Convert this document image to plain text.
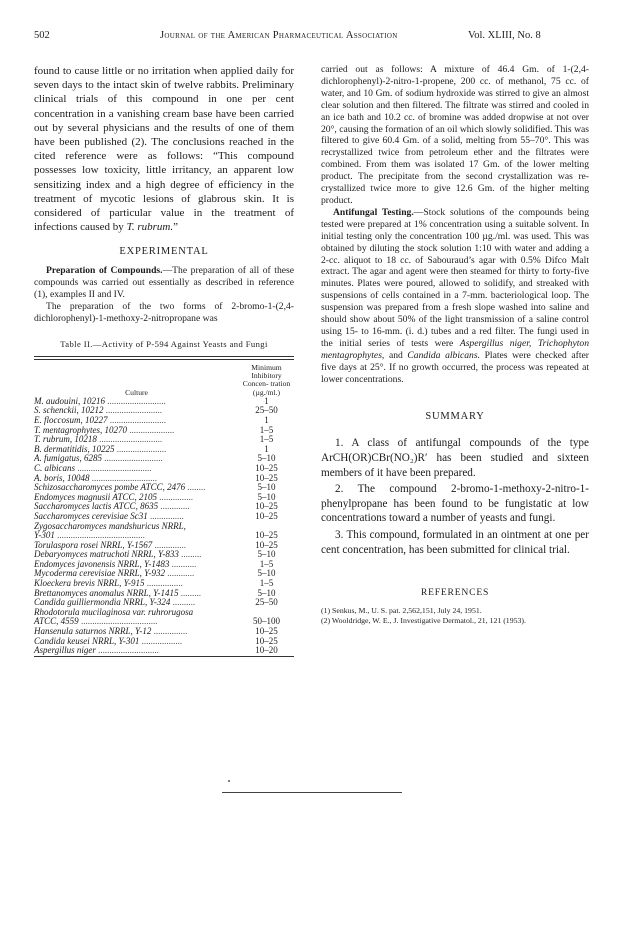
502	Journal of the American Pharmaceutical Association	Vol. XLIII, No. 8

found to cause little or no irritation when applied daily for seven days to the intact skin of twelve rabbits. Preliminary clinical trials of this compound in one per cent concentration in a vanishing cream base have been carried out by several physicians and the results of one of them have been published (2). The conclusions reached in the cited reference were as follows: “This compound possesses low toxicity, little irritancy, an apparent low sensitizing index and a high degree of efficiency in the treatment of mycotic lesions of glabrous skin. It is considered of particular value in the treatment of infections caused by T. rubrum.”

EXPERIMENTAL

Preparation of Compounds.—The preparation of all of these compounds was carried out essentially as described in reference (1), examples II and IV.

The preparation of the two forms of 2-bromo-1-(2,4-dichlorophenyl)-1-methoxy-2-nitropropane was

Table II.—Activity of P-594 Against Yeasts and Fungi
Culture	Minimum Inhibitory Concen- tration (µg./ml.)
M. audouini, 10216 ..........................	1
S. schenckii, 10212 .........................	25–50
E. floccosum, 10227 .........................	1
T. mentagrophytes, 10270 ....................	1–5
T. rubrum, 10218 ............................	1–5
B. dermatitidis, 10225 ......................	1
A. fumigatus, 6285 ..........................	5–10
C. albicans .................................	10–25
A. boris, 10048 .............................	10–25
Schizosaccharomyces pombe ATCC, 2476 ........	5–10
Endomyces magnusii ATCC, 2105 ...............	5–10
Saccharomyces lactis ATCC, 8635 .............	10–25
Saccharomyces cerevisiae Sc31 ...............	10–25
Zygosaccharomyces mandshuricus NRRL,	
Y-301 .......................................	10–25
Torulaspora rosei NRRL, Y-1567 ..............	10–25
Debaryomyces matruchoti NRRL, Y-833 .........	5–10
Endomyces javonensis NRRL, Y-1483 ...........	1–5
Mycoderma cerevisiae NRRL, Y-932 ............	5–10
Kloeckera brevis NRRL, Y-915 ................	1–5
Brettanomyces anomalus NRRL, Y-1415 .........	5–10
Candida guilliermondia NRRL, Y-324 ..........	25–50
Rhodotorula mucilaginosa var. ruhrorugosa	
ATCC, 4559 ..................................	50–100
Hansenula saturnos NRRL, Y-12 ...............	10–25
Candida keusei NRRL, Y-301 ..................	10–25
Aspergillus niger ...........................	10–20

carried out as follows: A mixture of 46.4 Gm. of 1-(2,4-dichlorophenyl)-2-nitro-1-propene, 200 cc. of methanol, 75 cc. of water, and 10 Gm. of sodium hydroxide was stirred to give an almost clear solution and then filtered. The filtrate was stirred and cooled in an ice bath and 10.2 cc. of bromine was added dropwise at not over 20°, causing the formation of an oil which slowly solidified. This was filtered to give 60.4 Gm. of a solid, melting from 55–70°. This was recrystallized twice from petroleum ether and the filtrates were combined. From them was isolated 17 Gm. of the lower melting product. The precipitate from the second crystallization was re-crystallized twice more to give 12.6 Gm. of the higher melting product.

Antifungal Testing.—Stock solutions of the compounds being tested were prepared at 1% concentration using a suitable solvent. In initial testing only the concentration 100 µg./ml. was used. This was obtained by diluting the stock solution 1:10 with water and adding a 2-cc. aliquot to 18 cc. of Sabouraud’s agar with 0.5% Difco Malt extract. The agar and agent were then steamed for thirty to forty-five minutes. Plates were poured, allowed to solidify, and streaked with suspensions of cells contained in a 7-mm. bacteriological loop. The suspension was prepared from a fresh slope washed into saline and should show about 50% of the light transmission of a saline control using 15- to 16-mm. (i. d.) tubes and a red filter. The fungi used in the initial series of tests were Aspergillus niger, Trichophyton mentagrophytes, and Candida albicans. Plates were checked after five days at 25°. If no growth occurred, the process was repeated at lower concentrations.

SUMMARY

1. A class of antifungal compounds of the type ArCH(OR)CBr(NO₂)R′ has been studied and sixteen members of it have been prepared.

2. The compound 2-bromo-1-methoxy-2-nitro-1-phenylpropane has been found to be fungistatic at low concentrations toward a number of yeasts and fungi.

3. This compound, formulated in an ointment at one per cent concentration, has been submitted for clinical trial.

REFERENCES

(1) Senkus, M., U. S. pat. 2,562,151, July 24, 1951.

(2) Wooldridge, W. E., J. Investigative Dermatol., 21, 121 (1953).
